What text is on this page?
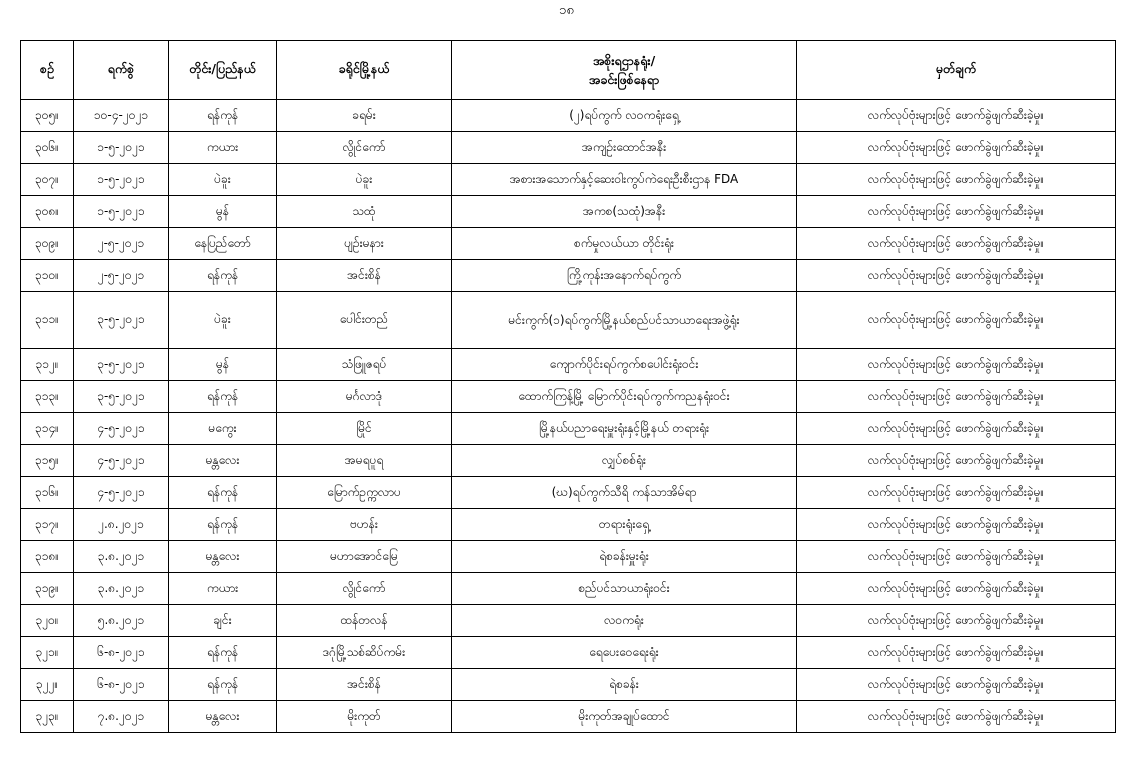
၁၈
စဉ်	ရက်စွဲ	တိုင်း/ပြည်နယ်	ခရိုင်မြို့နယ်	အစိုးရဌာနရုံး/
အခင်းဖြစ်နေရာ	မှတ်ချက်
၃၀၅။	၁၀-၄-၂၀၂၁	ရန်ကုန်	ခရမ်း	(၂)ရပ်ကွက် လဝကရုံးရှေ့	လက်လုပ်ဗုံးများဖြင့် ဖောက်ခွဲဖျက်ဆီးခဲ့မှု။
၃၀၆။	၁-၅-၂၀၂၁	ကယား	လွိုင်ကော်	အကျဉ်းထောင်အနီး	လက်လုပ်ဗုံးများဖြင့် ဖောက်ခွဲဖျက်ဆီးခဲ့မှု။
၃၀၇။	၁-၅-၂၀၂၁	ပဲခူး	ပဲခူး	အစားအသောက်နှင့်ဆေးဝါးကွပ်ကဲရေးဦးစီးဌာန FDA	လက်လုပ်ဗုံးများဖြင့် ဖောက်ခွဲဖျက်ဆီးခဲ့မှု။
၃၀၈။	၁-၅-၂၀၂၁	မွန်	သထုံ	အကစ(သထုံ)အနီး	လက်လုပ်ဗုံးများဖြင့် ဖောက်ခွဲဖျက်ဆီးခဲ့မှု။
၃၀၉။	၂-၅-၂၀၂၁	နေပြည်တော်	ပျဉ်းမနား	စက်မှုလယ်ယာ တိုင်းရုံး	လက်လုပ်ဗုံးများဖြင့် ဖောက်ခွဲဖျက်ဆီးခဲ့မှု။
၃၁၀။	၂-၅-၂၀၂၁	ရန်ကုန်	အင်းစိန်	ကြို့ကုန်းအနောက်ရပ်ကွက်	လက်လုပ်ဗုံးများဖြင့် ဖောက်ခွဲဖျက်ဆီးခဲ့မှု။
၃၁၁။	၃-၅-၂၀၂၁	ပဲခူး	ပေါင်းတည်	မင်းကွက်(၁)ရပ်ကွက်မြို့နယ်စည်ပင်သာယာရေးအဖွဲ့ရုံး	လက်လုပ်ဗုံးများဖြင့် ဖောက်ခွဲဖျက်ဆီးခဲ့မှု။
၃၁၂။	၃-၅-၂၀၂၁	မွန်	သံဖြူဇရပ်	ကျောက်ပိုင်းရပ်ကွက်စပေါင်းရုံးဝင်း	လက်လုပ်ဗုံးများဖြင့် ဖောက်ခွဲဖျက်ဆီးခဲ့မှု။
၃၁၃။	၃-၅-၂၀၂၁	ရန်ကုန်	မင်္ဂလာဒုံ	ထောက်ကြန့်မြို့ မြောက်ပိုင်းရပ်ကွက်ကညနရုံးဝင်း	လက်လုပ်ဗုံးများဖြင့် ဖောက်ခွဲဖျက်ဆီးခဲ့မှု။
၃၁၄။	၄-၅-၂၀၂၁	မကွေး	မြိုင်	မြို့နယ်ပညာရေးမှူးရုံးနှင့်မြို့နယ် တရားရုံး	လက်လုပ်ဗုံးများဖြင့် ဖောက်ခွဲဖျက်ဆီးခဲ့မှု။
၃၁၅။	၄-၅-၂၀၂၁	မန္တလေး	အမရပူရ	လျှပ်စစ်ရုံး	လက်လုပ်ဗုံးများဖြင့် ဖောက်ခွဲဖျက်ဆီးခဲ့မှု။
၃၁၆။	၄-၅-၂၀၂၁	ရန်ကုန်	မြောက်ဥက္ကလာပ	(ဃ)ရပ်ကွက်သီရိ ကန်သာအိမ်ရာ	လက်လုပ်ဗုံးများဖြင့် ဖောက်ခွဲဖျက်ဆီးခဲ့မှု။
၃၁၇။	၂.၈.၂၀၂၁	ရန်ကုန်	ဗဟန်း	တရားရုံးရှေ့	လက်လုပ်ဗုံးများဖြင့် ဖောက်ခွဲဖျက်ဆီးခဲ့မှု။
၃၁၈။	၃.၈.၂၀၂၁	မန္တလေး	မဟာအောင်မြေ	ရဲစခန်းမှူးရုံး	လက်လုပ်ဗုံးများဖြင့် ဖောက်ခွဲဖျက်ဆီးခဲ့မှု။
၃၁၉။	၃.၈.၂၀၂၁	ကယား	လွိုင်ကော်	စည်ပင်သာယာရုံးဝင်း	လက်လုပ်ဗုံးများဖြင့် ဖောက်ခွဲဖျက်ဆီးခဲ့မှု။
၃၂၀။	၅.၈.၂၀၂၁	ချင်း	ထန်တလန်	လဝကရုံး	လက်လုပ်ဗုံးများဖြင့် ဖောက်ခွဲဖျက်ဆီးခဲ့မှု။
၃၂၁။	၆-၈-၂၀၂၁	ရန်ကုန်	ဒဂုံမြို့သစ်ဆိပ်ကမ်း	ရေပေးဝေရေးရုံး	လက်လုပ်ဗုံးများဖြင့် ဖောက်ခွဲဖျက်ဆီးခဲ့မှု။
၃၂၂။	၆-၈-၂၀၂၁	ရန်ကုန်	အင်းစိန်	ရဲစခန်း	လက်လုပ်ဗုံးများဖြင့် ဖောက်ခွဲဖျက်ဆီးခဲ့မှု။
၃၂၃။	၇.၈.၂၀၂၁	မန္တလေး	မိုးကုတ်	မိုးကုတ်အချုပ်ထောင်	လက်လုပ်ဗုံးများဖြင့် ဖောက်ခွဲဖျက်ဆီးခဲ့မှု။
